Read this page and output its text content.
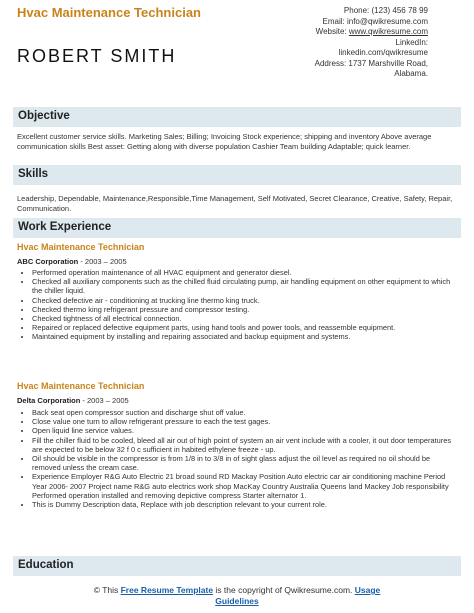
Hvac Maintenance Technician
ROBERT SMITH
Phone: (123) 456 78 99
Email: info@qwikresume.com
Website: www.qwikresume.com
LinkedIn:
linkedin.com/qwikresume
Address: 1737 Marshville Road,
Alabama.
Objective
Excellent customer service skills. Marketing Sales; Billing; Invoicing Stock experience; shipping and inventory Above average communication skills Best asset: Getting along with diverse population Cashier Team building Adaptable; quick learner.
Skills
Leadership, Dependable, Maintenance,Responsible,Time Management, Self Motivated, Secret Clearance, Creative, Safety, Repair, Communication.
Work Experience
Hvac Maintenance Technician
ABC Corporation - 2003 – 2005
• Performed operation maintenance of all HVAC equipment and generator diesel.
• Checked all auxiliary components such as the chilled fluid circulating pump, air handling equipment on other equipment to which the chiller liquid.
• Checked defective air - conditioning at trucking line thermo king truck.
• Checked thermo king refrigerant pressure and compressor testing.
• Checked tightness of all electrical connection.
• Repaired or replaced defective equipment parts, using hand tools and power tools, and reassemble equipment.
• Maintained equipment by installing and repairing associated and backup equipment and systems.
Hvac Maintenance Technician
Delta Corporation - 2003 – 2005
• Back seat open compressor suction and discharge shut off value.
• Close value one turn to allow refrigerant pressure to each the test gages.
• Open liquid line service values.
• Fill the chiller fluid to be cooled, bleed all air out of high point of system an air vent include with a cooler, it out door temperatures are expected to be below 32 f 0 c sufficient in habited ethylene freeze - up.
• Oil should be visible in the compressor is from 1/8 in to 3/8 in of sight glass adjust the oil level as required no oil should be removed unless the cream case.
• Experience Employer R&G Auto Electric 21 broad sound RD Mackay Position Auto electric car air conditioning machine Period Year 2006- 2007 Project name R&G auto electrics work shop MacKay Country Australia Queens land Mackey Job responsibility Performed operation installed and removing depictive compress Starter alternator 1.
• This is Dummy Description data, Replace with job description relevant to your current role.
Education
© This Free Resume Template is the copyright of Qwikresume.com. Usage
Guidelines
